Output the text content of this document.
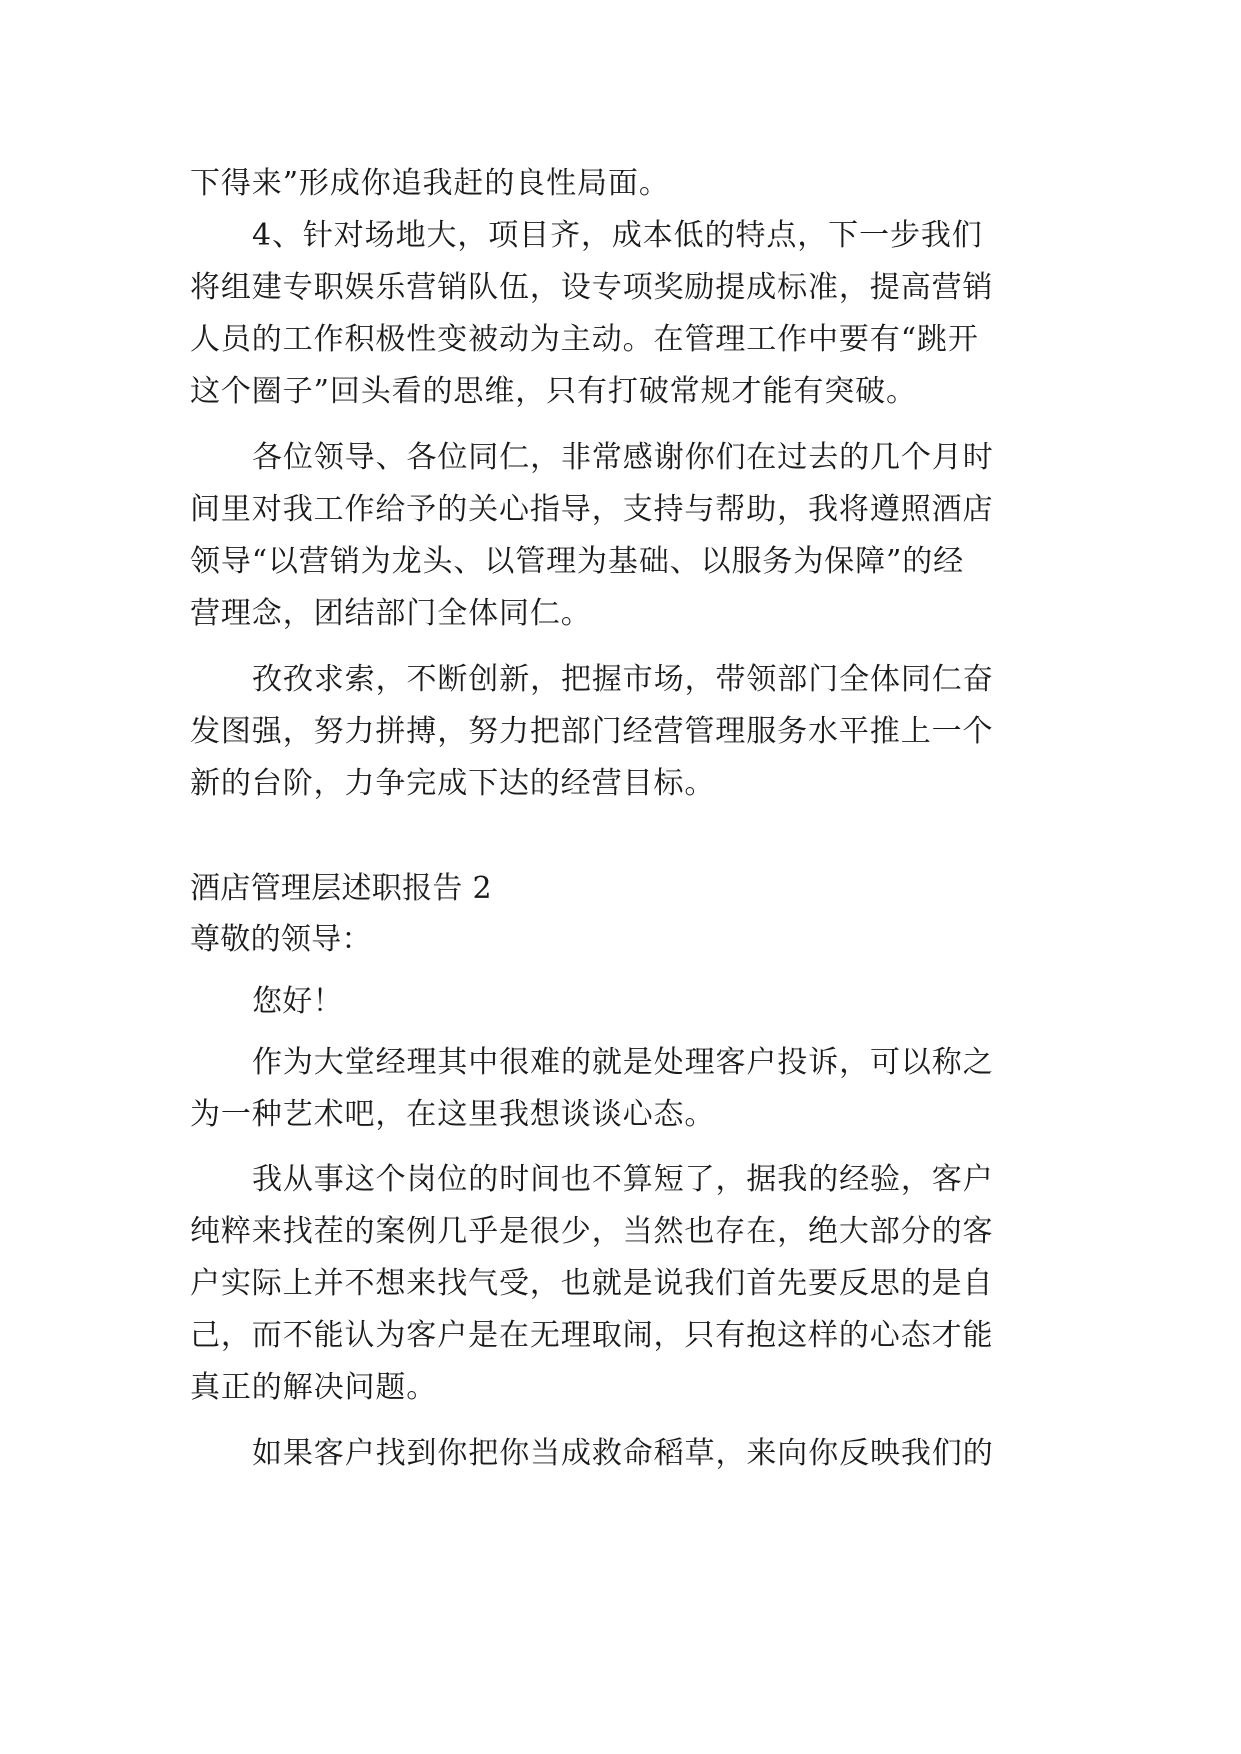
下得来”形成你追我赶的良性局面。
4、针对场地大，项目齐，成本低的特点，下一步我们
将组建专职娱乐营销队伍，设专项奖励提成标准，提高营销
人员的工作积极性变被动为主动。在管理工作中要有“跳开
这个圈子”回头看的思维，只有打破常规才能有突破。
各位领导、各位同仁，非常感谢你们在过去的几个月时
间里对我工作给予的关心指导，支持与帮助，我将遵照酒店
领导“以营销为龙头、以管理为基础、以服务为保障”的经
营理念，团结部门全体同仁。
孜孜求索，不断创新，把握市场，带领部门全体同仁奋
发图强，努力拼搏，努力把部门经营管理服务水平推上一个
新的台阶，力争完成下达的经营目标。
酒店管理层述职报告 2
尊敬的领导：
您好！
作为大堂经理其中很难的就是处理客户投诉，可以称之
为一种艺术吧，在这里我想谈谈心态。
我从事这个岗位的时间也不算短了，据我的经验，客户
纯粹来找茬的案例几乎是很少，当然也存在，绝大部分的客
户实际上并不想来找气受，也就是说我们首先要反思的是自
己，而不能认为客户是在无理取闹，只有抱这样的心态才能
真正的解决问题。
如果客户找到你把你当成救命稻草，来向你反映我们的
